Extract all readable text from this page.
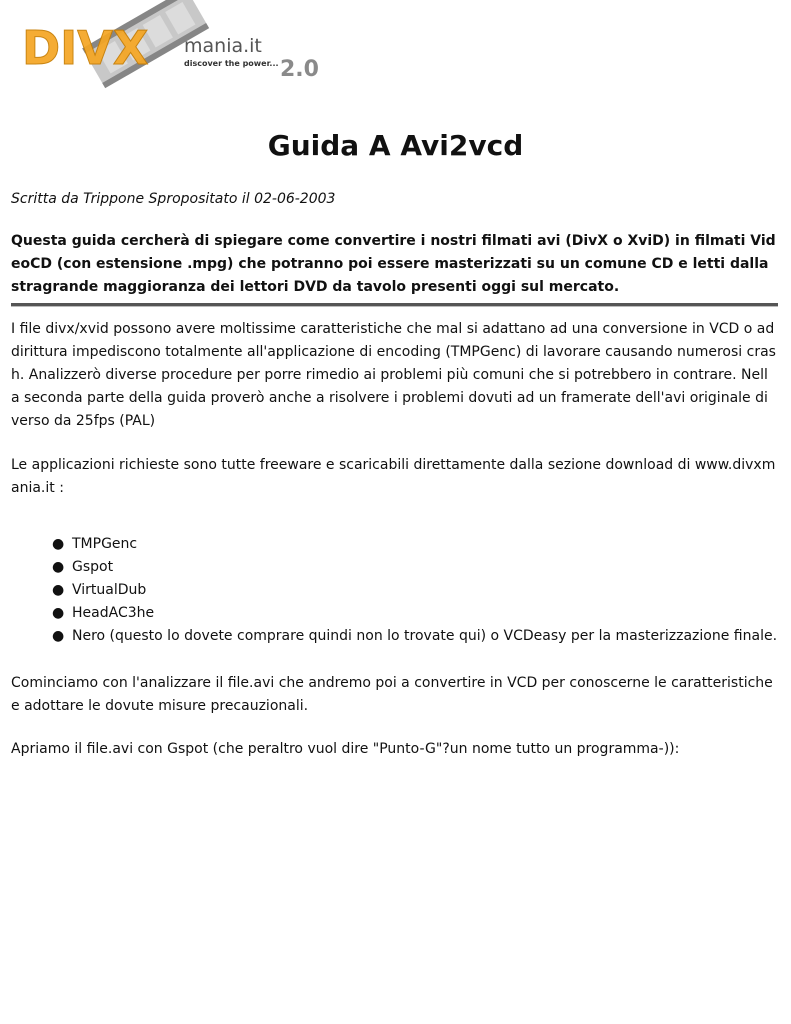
DIVX mania.it
discover the power... 2.0
Guida A Avi2vcd
Scritta da Trippone Spropositato il 02-06-2003
Questa guida cercherà di spiegare come convertire i nostri filmati avi (DivX o XviD) in filmati VideoCD (con estensione .mpg) che potranno poi essere masterizzati su un comune CD e letti dalla stragrande maggioranza dei lettori DVD da tavolo presenti oggi sul mercato.

I file divx/xvid possono avere moltissime caratteristiche che mal si adattano ad una conversione in VCD o addirittura impediscono totalmente all'applicazione di encoding (TMPGenc) di lavorare causando numerosi crash. Analizzerò diverse procedure per porre rimedio ai problemi più comuni che si potrebbero in contrare. Nella seconda parte della guida proverò anche a risolvere i problemi dovuti ad un framerate dell'avi originale diverso da 25fps (PAL)

Le applicazioni richieste sono tutte freeware e scaricabili direttamente dalla sezione download di www.divxmania.it :

● TMPGenc
● Gspot
● VirtualDub
● HeadAC3he
● Nero (questo lo dovete comprare quindi non lo trovate qui) o VCDeasy per la masterizzazione finale.

Cominciamo con l'analizzare il file.avi che andremo poi a convertire in VCD per conoscerne le caratteristiche e adottare le dovute misure precauzionali.

Apriamo il file.avi con Gspot (che peraltro vuol dire "Punto-G"?un nome tutto un programma-)):
